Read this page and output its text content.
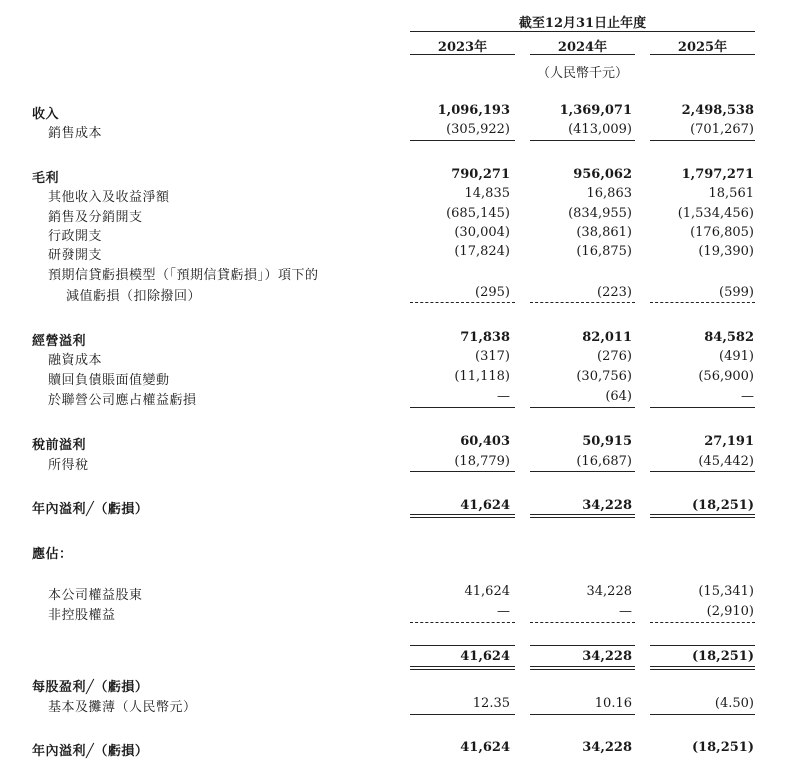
截至12月31日止年度
2023年	2024年	2025年
（人民幣千元）
收入	1,096,193	1,369,071	2,498,538
銷售成本	(305,922)	(413,009)	(701,267)
毛利	790,271	956,062	1,797,271
其他收入及收益淨額	14,835	16,863	18,561
銷售及分銷開支	(685,145)	(834,955)	(1,534,456)
行政開支	(30,004)	(38,861)	(176,805)
研發開支	(17,824)	(16,875)	(19,390)
預期信貸虧損模型（「預期信貸虧損」）項下的
減值虧損（扣除撥回）	(295)	(223)	(599)
經營溢利	71,838	82,011	84,582
融資成本	(317)	(276)	(491)
贖回負債賬面值變動	(11,118)	(30,756)	(56,900)
於聯營公司應占權益虧損	—	(64)	—
稅前溢利	60,403	50,915	27,191
所得稅	(18,779)	(16,687)	(45,442)
年內溢利╱（虧損）	41,624	34,228	(18,251)
應佔：
本公司權益股東	41,624	34,228	(15,341)
非控股權益	—	—	(2,910)
41,624	34,228	(18,251)
每股盈利╱（虧損）
基本及攤薄（人民幣元）	12.35	10.16	(4.50)
年內溢利╱（虧損）	41,624	34,228	(18,251)
